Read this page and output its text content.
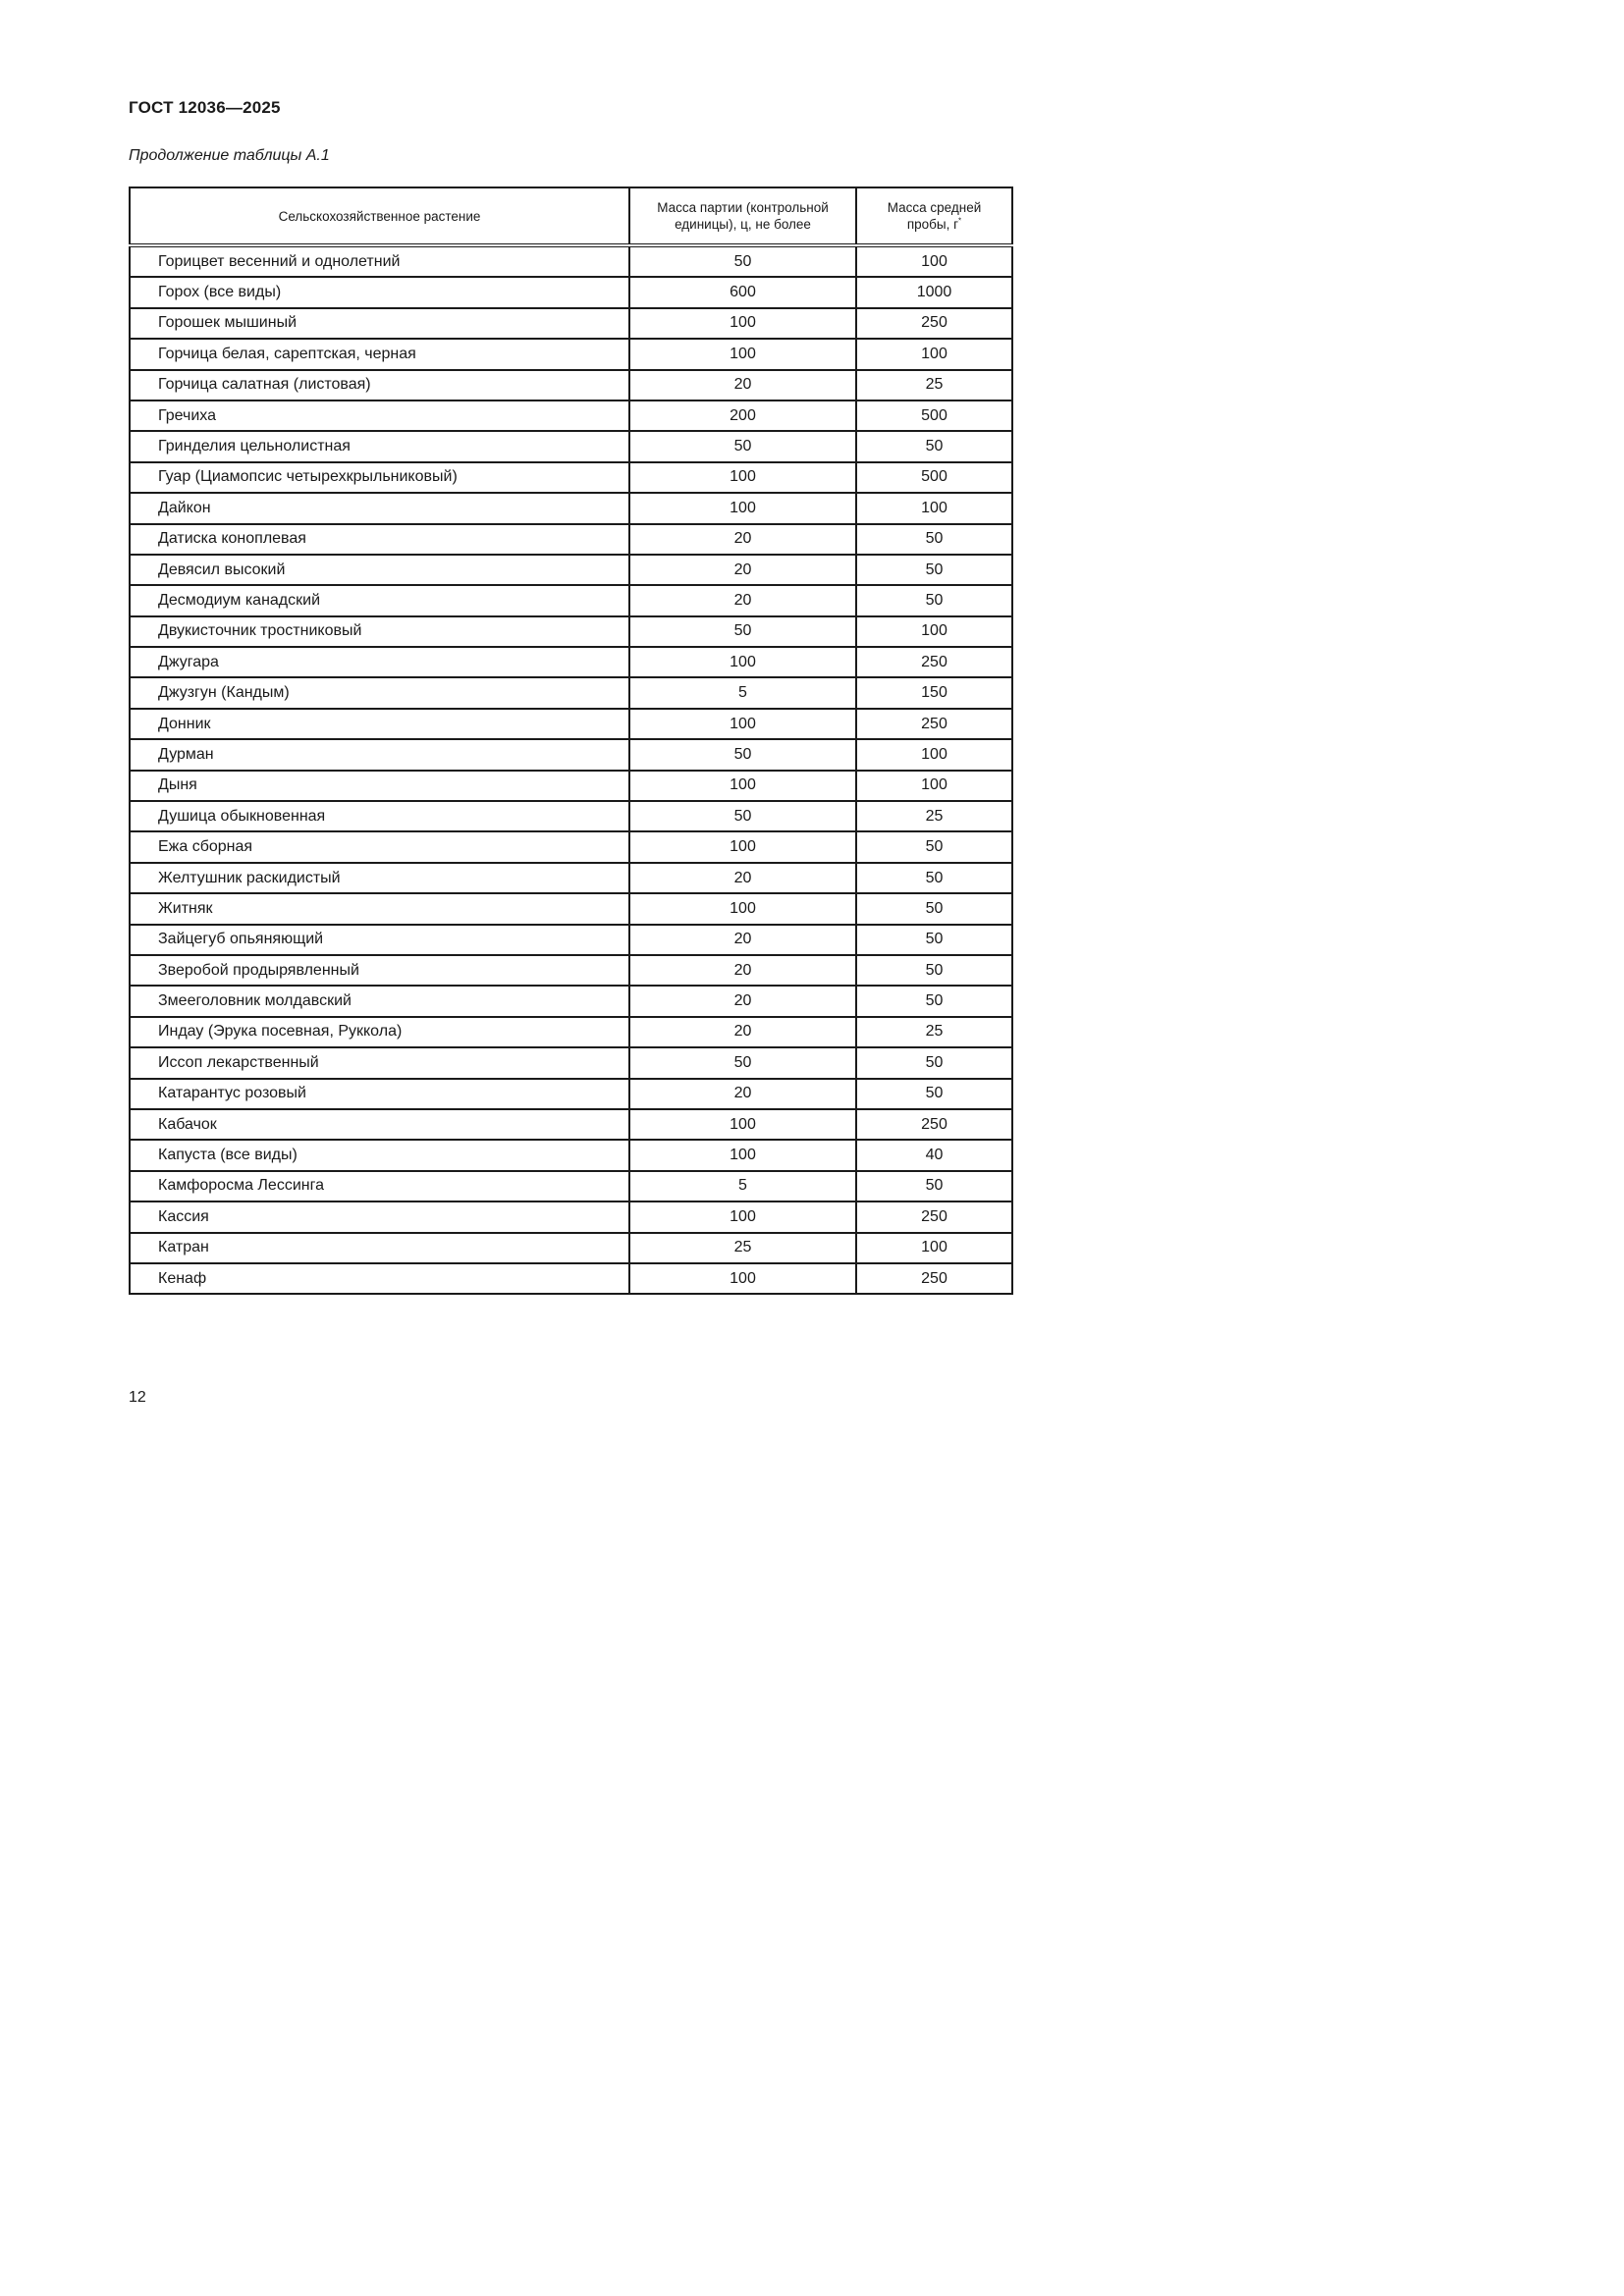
ГОСТ 12036—2025

Продолжение таблицы А.1

Сельскохозяйственное растение	Масса партии (контрольной единицы), ц, не более	Масса средней пробы, г*
Горицвет весенний и однолетний	50	100
Горох (все виды)	600	1000
Горошек мышиный	100	250
Горчица белая, сарептская, черная	100	100
Горчица салатная (листовая)	20	25
Гречиха	200	500
Гринделия цельнолистная	50	50
Гуар (Циамопсис четырехкрыльниковый)	100	500
Дайкон	100	100
Датиска коноплевая	20	50
Девясил высокий	20	50
Десмодиум канадский	20	50
Двукисточник тростниковый	50	100
Джугара	100	250
Джузгун (Кандым)	5	150
Донник	100	250
Дурман	50	100
Дыня	100	100
Душица обыкновенная	50	25
Ежа сборная	100	50
Желтушник раскидистый	20	50
Житняк	100	50
Зайцегуб опьяняющий	20	50
Зверобой продырявленный	20	50
Змееголовник молдавский	20	50
Индау (Эрука посевная, Руккола)	20	25
Иссоп лекарственный	50	50
Катарантус розовый	20	50
Кабачок	100	250
Капуста (все виды)	100	40
Камфоросма Лессинга	5	50
Кассия	100	250
Катран	25	100
Кенаф	100	250

12
